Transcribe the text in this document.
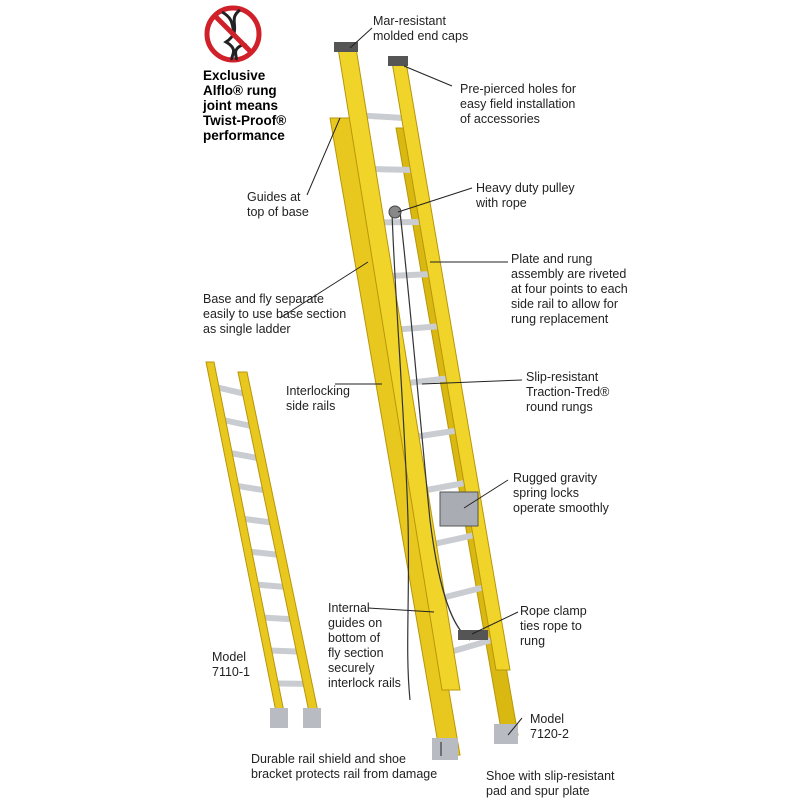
Exclusive
Alflo® rung
joint means
Twist-Proof®
performance
Mar-resistant
molded end caps
Pre-pierced holes for
easy field installation
of accessories
Guides at
top of base
Heavy duty pulley
with rope
Plate and rung
assembly are riveted
at four points to each
side rail to allow for
rung replacement
Base and fly separate
easily to use base section
as single ladder
Interlocking
side rails
Slip-resistant
Traction-Tred®
round rungs
Rugged gravity
spring locks
operate smoothly
Internal
guides on
bottom of
fly section
securely
interlock rails
Rope clamp
ties rope to
rung
Durable rail shield and shoe
bracket protects rail from damage	Shoe with slip-resistant
pad and spur plate
Model
7110-1
Model
7120-2
